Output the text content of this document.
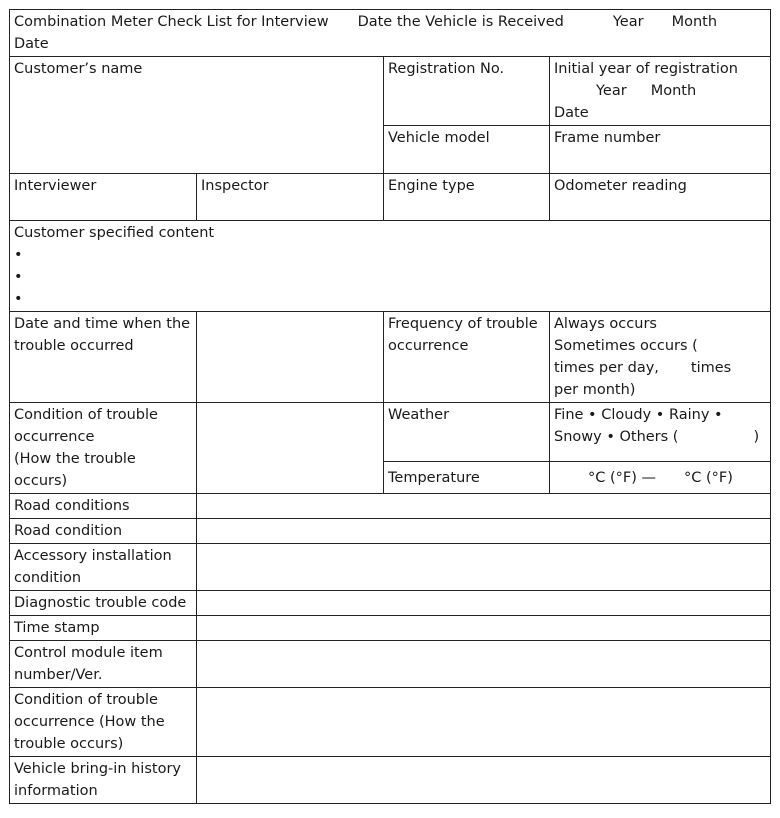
Combination Meter Check List for Interview Date the Vehicle is Received Year Month
Date			

Customer’s name		Registration No.	Initial year of registration
Year Month
Date

		Vehicle model	Frame number
Interviewer	Inspector	Engine type	Odometer reading

Customer specified content
•
•
•			

Date and time when the trouble occurred		Frequency of trouble occurrence	Always occurs
Sometimes occurs (
times per day, times
per month)

Condition of trouble occurrence
(How the trouble occurs)		Weather	Fine • Cloudy • Rainy •
Snowy • Others ( )

		Temperature	°C (°F) — °C (°F)

Road conditions			
Road condition			
Accessory installation condition			
Diagnostic trouble code			
Time stamp			
Control module item number/Ver.			
Condition of trouble occurrence (How the trouble occurs)			
Vehicle bring-in history information			
